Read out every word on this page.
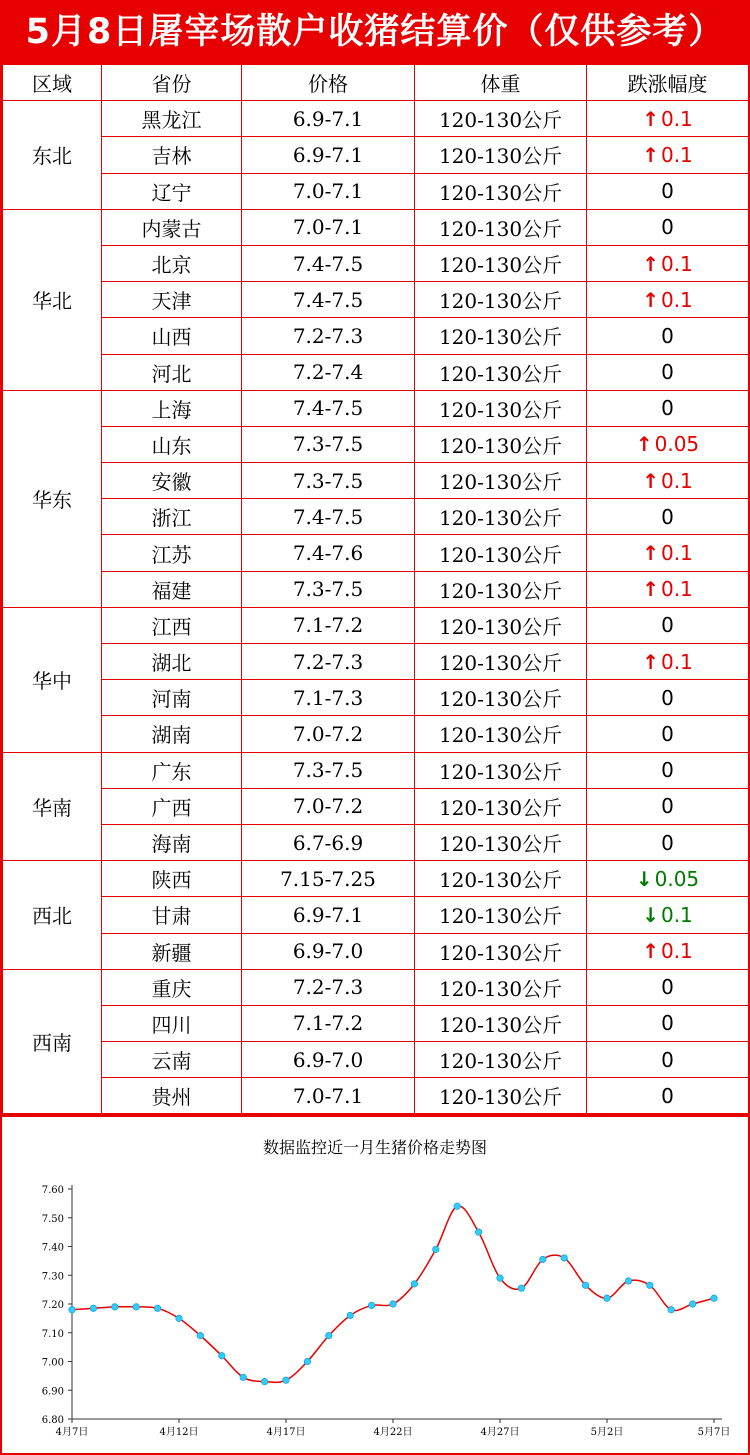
5月8日屠宰场散户收猪结算价（仅供参考）
区域	省份	价格	体重	跌涨幅度
东北	黑龙江	6.9-7.1	120-130公斤	↑ 0.1
	吉林	6.9-7.1	120-130公斤	↑ 0.1
	辽宁	7.0-7.1	120-130公斤	0
华北	内蒙古	7.0-7.1	120-130公斤	0
	北京	7.4-7.5	120-130公斤	↑ 0.1
	天津	7.4-7.5	120-130公斤	↑ 0.1
	山西	7.2-7.3	120-130公斤	0
	河北	7.2-7.4	120-130公斤	0
华东	上海	7.4-7.5	120-130公斤	0
	山东	7.3-7.5	120-130公斤	↑ 0.05
	安徽	7.3-7.5	120-130公斤	↑ 0.1
	浙江	7.4-7.5	120-130公斤	0
	江苏	7.4-7.6	120-130公斤	↑ 0.1
	福建	7.3-7.5	120-130公斤	↑ 0.1
华中	江西	7.1-7.2	120-130公斤	0
	湖北	7.2-7.3	120-130公斤	↑ 0.1
	河南	7.1-7.3	120-130公斤	0
	湖南	7.0-7.2	120-130公斤	0
华南	广东	7.3-7.5	120-130公斤	0
	广西	7.0-7.2	120-130公斤	0
	海南	6.7-6.9	120-130公斤	0
西北	陕西	7.15-7.25	120-130公斤	↓ 0.05
	甘肃	6.9-7.1	120-130公斤	↓ 0.1
	新疆	6.9-7.0	120-130公斤	↑ 0.1
西南	重庆	7.2-7.3	120-130公斤	0
	四川	7.1-7.2	120-130公斤	0
	云南	6.9-7.0	120-130公斤	0
	贵州	7.0-7.1	120-130公斤	0
数据监控近一月生猪价格走势图
6.80
6.90
7.00
7.10
7.20
7.30
7.40
7.50
7.60
4月7日	4月12日	4月17日	4月22日	4月27日	5月2日	5月7日
